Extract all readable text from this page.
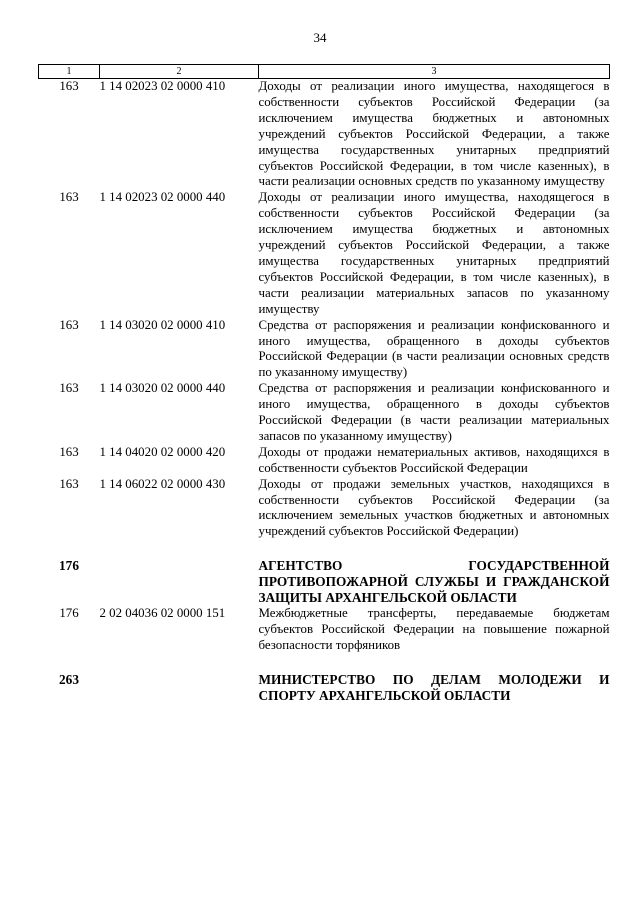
34
1	2	3
163	1 14 02023 02 0000 410	Доходы от реализации иного имущества, находящегося в собственности субъектов Российской Федерации (за исключением имущества бюджетных и автономных учреждений субъектов Российской Федерации, а также имущества государственных унитарных предприятий субъектов Российской Федерации, в том числе казенных), в части реализации основных средств по указанному имуществу
163	1 14 02023 02 0000 440	Доходы от реализации иного имущества, находящегося в собственности субъектов Российской Федерации (за исключением имущества бюджетных и автономных учреждений субъектов Российской Федерации, а также имущества государственных унитарных предприятий субъектов Российской Федерации, в том числе казенных), в части реализации материальных запасов по указанному имуществу
163	1 14 03020 02 0000 410	Средства от распоряжения и реализации конфискованного и иного имущества, обращенного в доходы субъектов Российской Федерации (в части реализации основных средств по указанному имуществу)
163	1 14 03020 02 0000 440	Средства от распоряжения и реализации конфискованного и иного имущества, обращенного в доходы субъектов Российской Федерации (в части реализации материальных запасов по указанному имуществу)
163	1 14 04020 02 0000 420	Доходы от продажи нематериальных активов, находящихся в собственности субъектов Российской Федерации
163	1 14 06022 02 0000 430	Доходы от продажи земельных участков, находящихся в собственности субъектов Российской Федерации (за исключением земельных участков бюджетных и автономных учреждений субъектов Российской Федерации)
176		АГЕНТСТВО ГОСУДАРСТВЕННОЙ ПРОТИВОПОЖАРНОЙ СЛУЖБЫ И ГРАЖДАНСКОЙ ЗАЩИТЫ АРХАНГЕЛЬСКОЙ ОБЛАСТИ
176	2 02 04036 02 0000 151	Межбюджетные трансферты, передаваемые бюджетам субъектов Российской Федерации на повышение пожарной безопасности торфяников
263		МИНИСТЕРСТВО ПО ДЕЛАМ МОЛОДЕЖИ И СПОРТУ АРХАНГЕЛЬСКОЙ ОБЛАСТИ
